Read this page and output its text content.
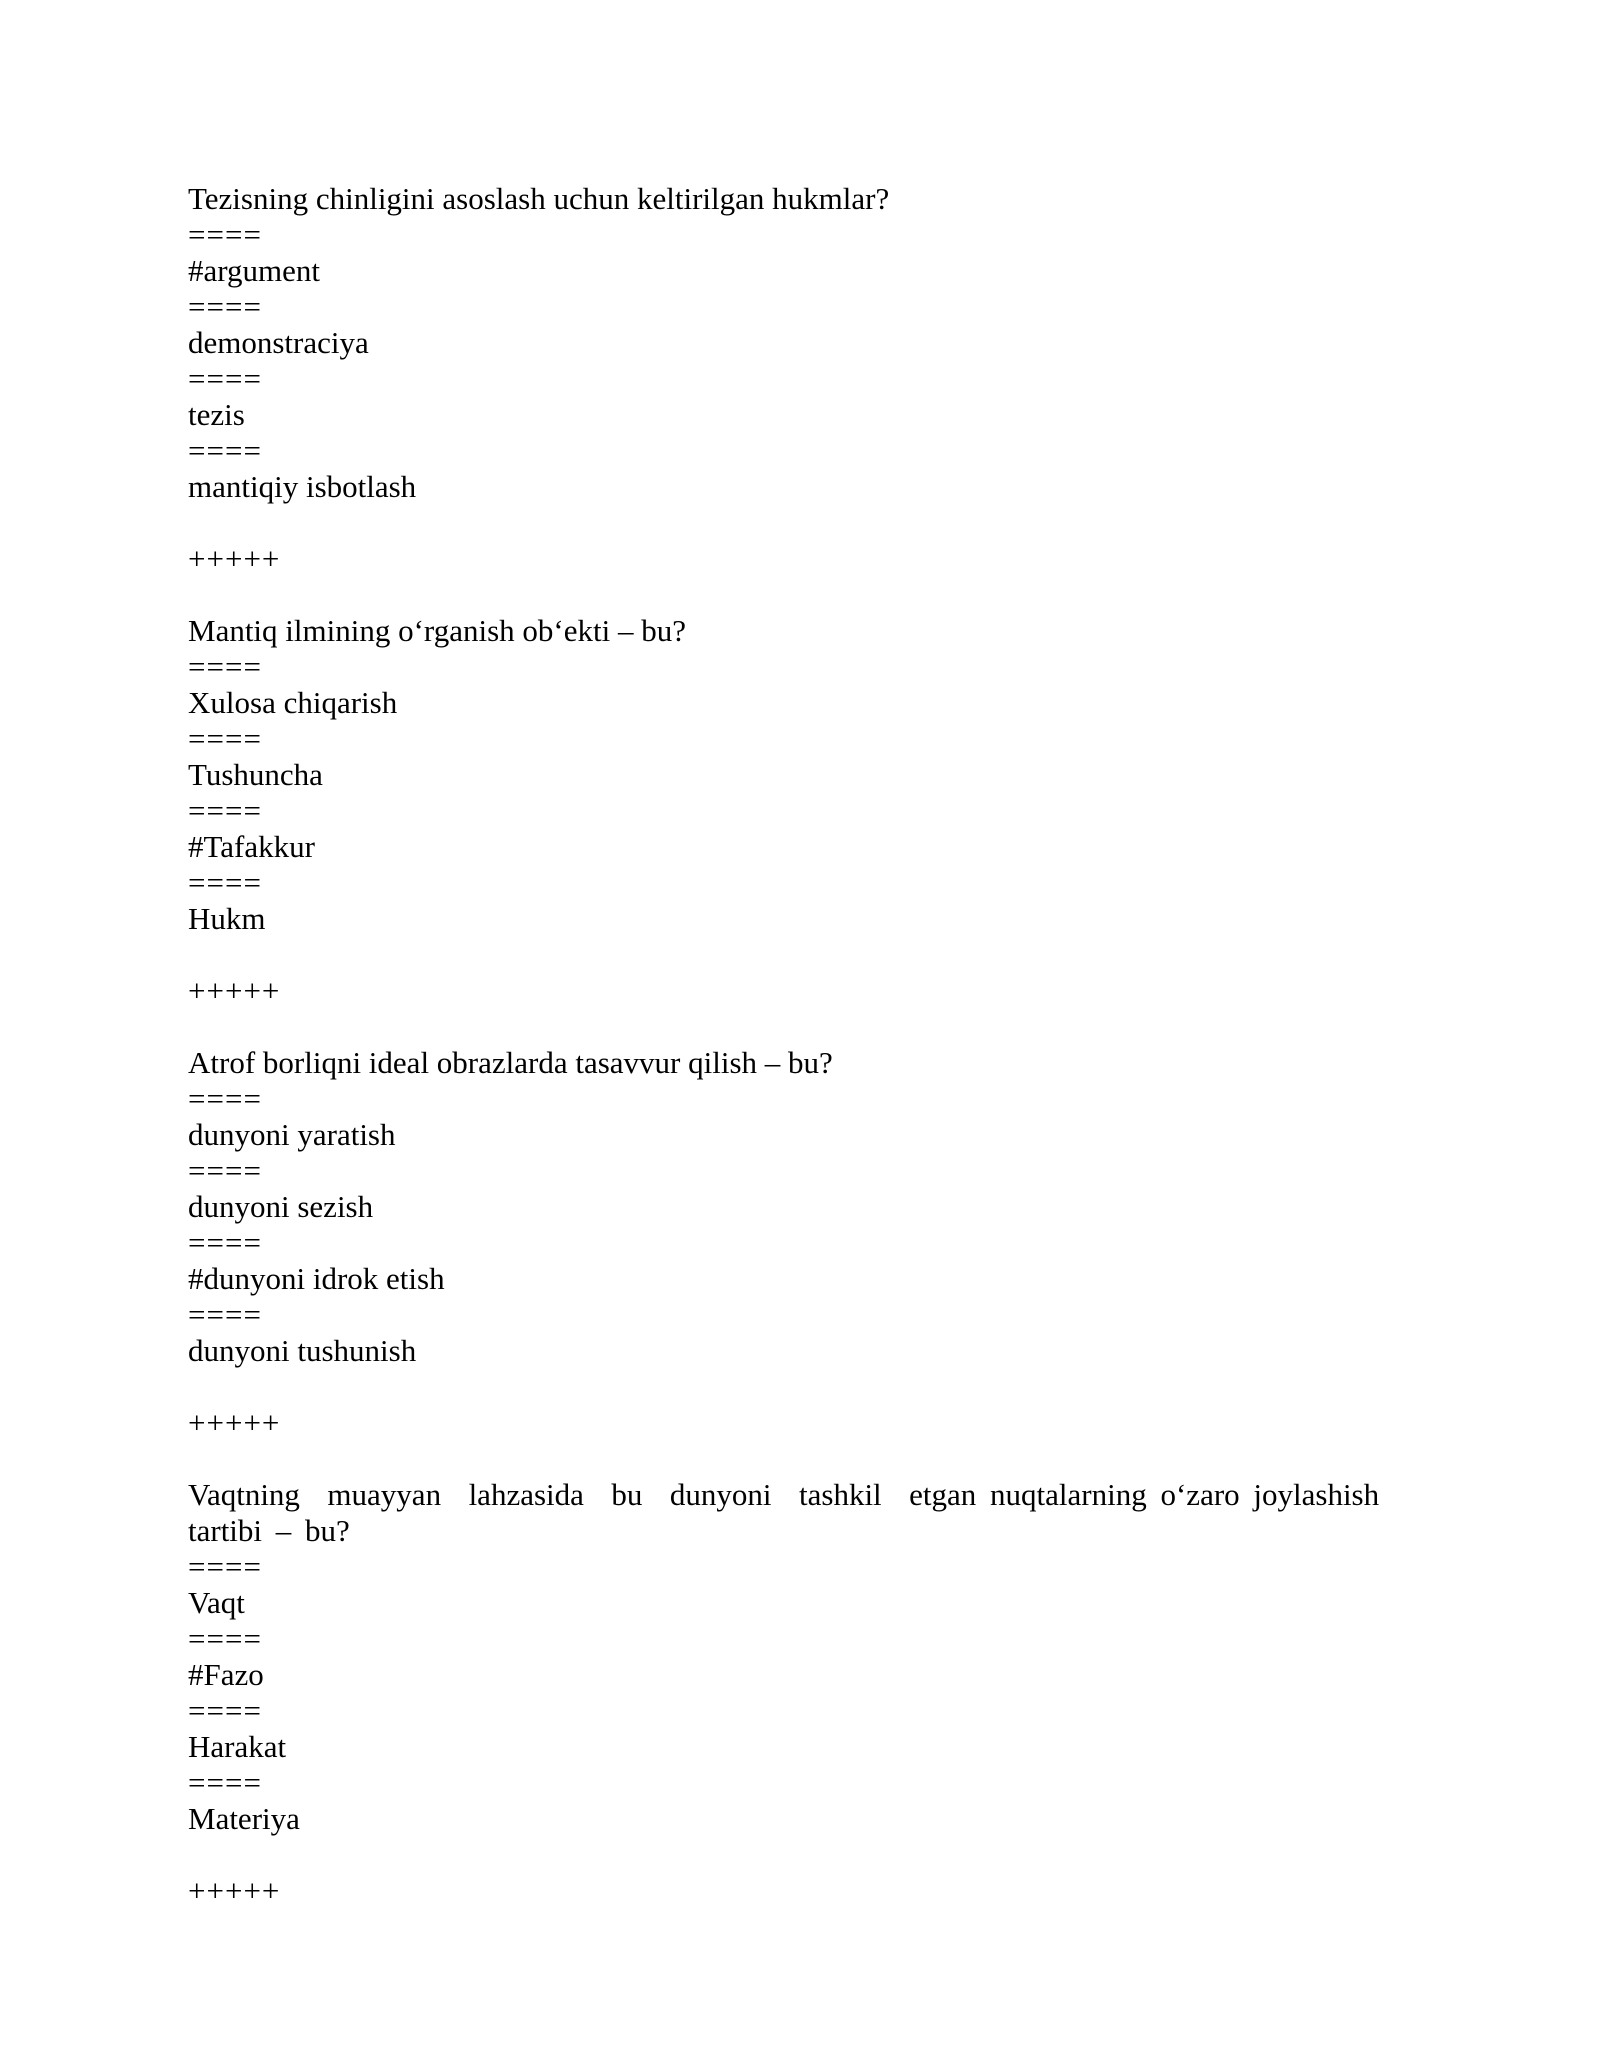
Tezisning chinligini asoslash uchun keltirilgan hukmlar?
====
#argument
====
demonstraciya
====
tezis
====
mantiqiy isbotlash
+++++
Mantiq ilmining o‘rganish ob‘ekti – bu?
====
Xulosa chiqarish
====
Tushuncha
====
#Tafakkur
====
Hukm
+++++
Atrof borliqni ideal obrazlarda tasavvur qilish – bu?
====
dunyoni yaratish
====
dunyoni sezish
====
#dunyoni idrok etish
====
dunyoni tushunish
+++++
Vaqtning  muayyan  lahzasida  bu  dunyoni  tashkil  etgan nuqtalarning o‘zaro joylashish tartibi – bu?
====
Vaqt
====
#Fazo
====
Harakat
====
Materiya
+++++
